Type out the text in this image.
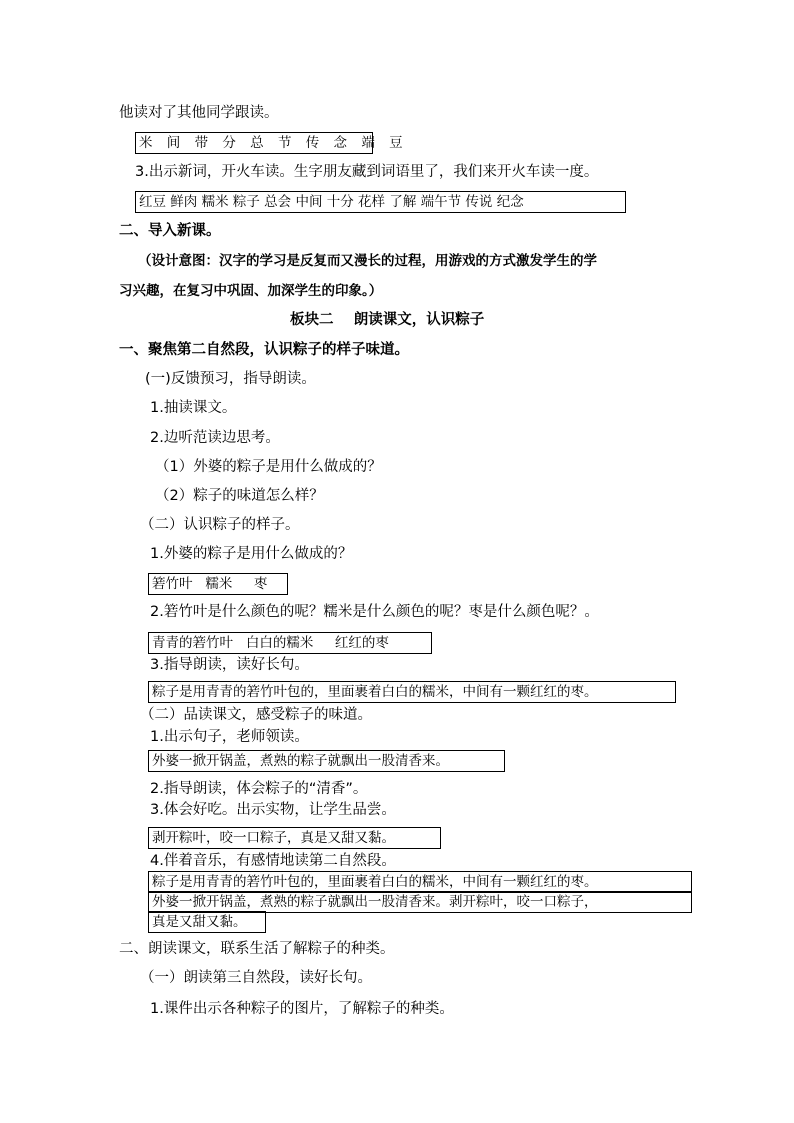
他读对了其他同学跟读。
米 间 带 分 总 节 传 念 端 豆
3.出示新词，开火车读。生字朋友藏到词语里了，我们来开火车读一度。
红豆 鲜肉 糯米 粽子 总会 中间 十分 花样 了解 端午节 传说 纪念
二、导入新课。
（设计意图：汉字的学习是反复而又漫长的过程，用游戏的方式激发学生的学
习兴趣，在复习中巩固、加深学生的印象。）
板块二    朗读课文，认识粽子
一、聚焦第二自然段，认识粽子的样子味道。
(一)反馈预习，指导朗读。
1.抽读课文。
2.边听范读边思考。
（1）外婆的粽子是用什么做成的？
（2）粽子的味道怎么样？
（二）认识粽子的样子。
1.外婆的粽子是用什么做成的？
箬竹叶   糯米     枣
2.箬竹叶是什么颜色的呢？糯米是什么颜色的呢？枣是什么颜色呢？。
青青的箬竹叶   白白的糯米     红红的枣
3.指导朗读，读好长句。
粽子是用青青的箬竹叶包的，里面裹着白白的糯米，中间有一颗红红的枣。
（二）品读课文，感受粽子的味道。
1.出示句子，老师领读。
外婆一掀开锅盖，煮熟的粽子就飘出一股清香来。
2.指导朗读，体会粽子的“清香”。
3.体会好吃。出示实物，让学生品尝。
剥开粽叶，咬一口粽子，真是又甜又黏。
4.伴着音乐，有感情地读第二自然段。
粽子是用青青的箬竹叶包的，里面裹着白白的糯米，中间有一颗红红的枣。
外婆一掀开锅盖，煮熟的粽子就飘出一股清香来。剥开粽叶，咬一口粽子，
真是又甜又黏。
二、朗读课文，联系生活了解粽子的种类。
（一）朗读第三自然段，读好长句。
1.课件出示各种粽子的图片，了解粽子的种类。
